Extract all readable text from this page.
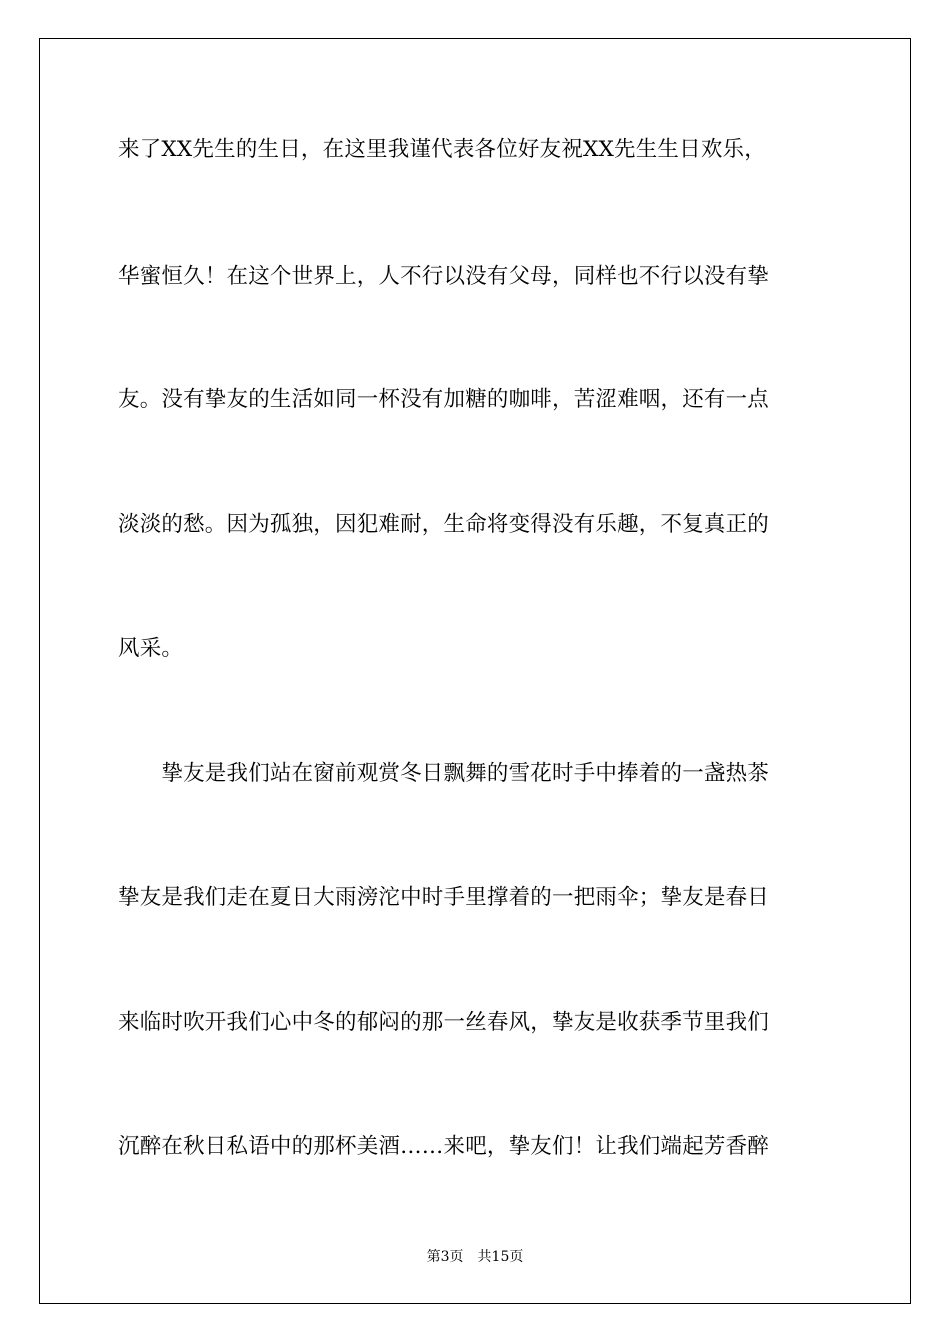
来了XX先生的生日，在这里我谨代表各位好友祝XX先生生日欢乐，
华蜜恒久！在这个世界上，人不行以没有父母，同样也不行以没有挚
友。没有挚友的生活如同一杯没有加糖的咖啡，苦涩难咽，还有一点
淡淡的愁。因为孤独，因犯难耐，生命将变得没有乐趣，不复真正的
风采。
　　挚友是我们站在窗前观赏冬日飘舞的雪花时手中捧着的一盏热茶
挚友是我们走在夏日大雨滂沱中时手里撑着的一把雨伞；挚友是春日
来临时吹开我们心中冬的郁闷的那一丝春风，挚友是收获季节里我们
沉醉在秋日私语中的那杯美酒……来吧，挚友们！让我们端起芳香醉
第3页　共15页
